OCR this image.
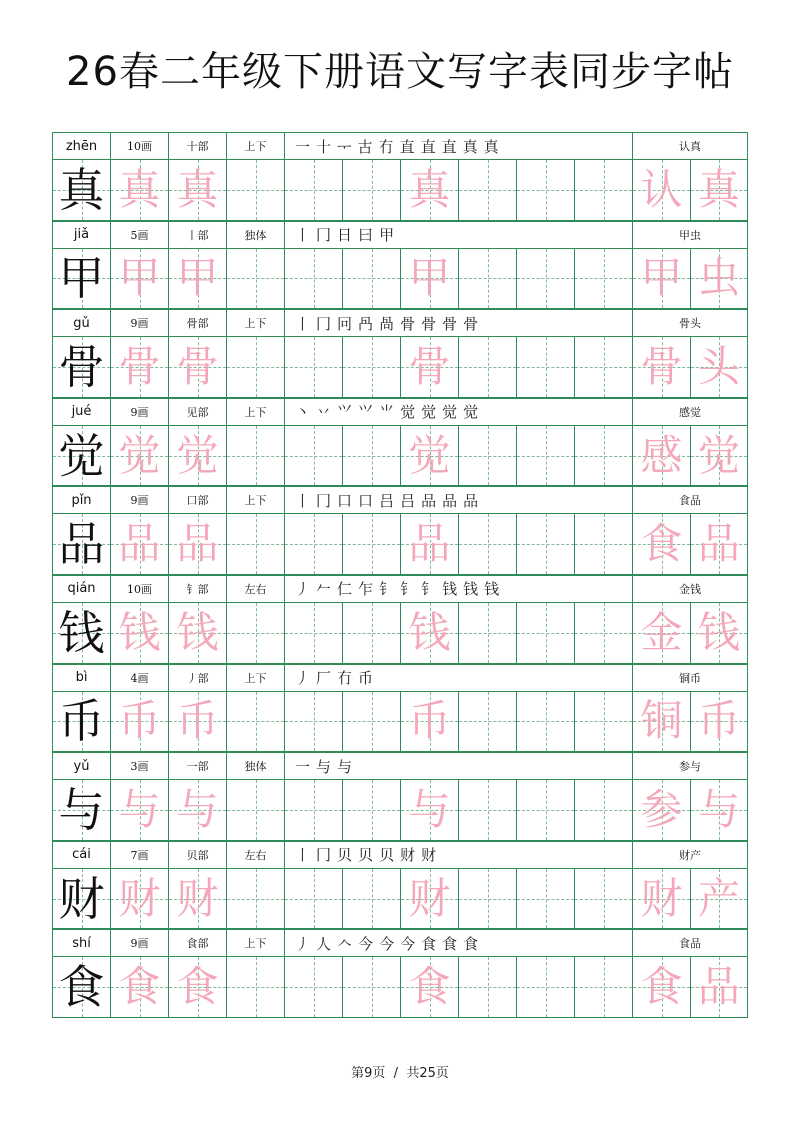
26春二年级下册语文写字表同步字帖
zhēn	10画	十部	上下	一 十 ᅮ 古 冇 直 直 直 真 真	认真
真 真 真	真	认 真
jiǎ	5画	丨部	独体	丨 冂 日 曰 甲	甲虫
甲 甲 甲	甲	甲 虫
gǔ	9画	骨部	上下	丨 冂 冋 冎 咼 骨 骨 骨 骨	骨头
骨 骨 骨	骨	骨 头
jué	9画	见部	上下	丶 丷 ⺍ ⺍ ⺌ 觉 觉 觉 觉	感觉
觉 觉 觉	觉	感 觉
pǐn	9画	口部	上下	丨 冂 口 口 吕 吕 品 品 品	食品
品 品 品	品	食 品
qián	10画	钅部	左右	丿 𠂉 仁 乍 钅 钅 钅 钱 钱 钱	金钱
钱 钱 钱	钱	金 钱
bì	4画	丿部	上下	丿 厂 冇 币	铜币
币 币 币	币	铜 币
yǔ	3画	一部	独体	一 与 与	参与
与 与 与	与	参 与
cái	7画	贝部	左右	丨 冂 贝 贝 贝 财 财	财产
财 财 财	财	财 产
shí	9画	食部	上下	丿 人 𠆢 今 今 今 食 食 食	食品
食 食 食	食	食 品
第9页 / 共25页
